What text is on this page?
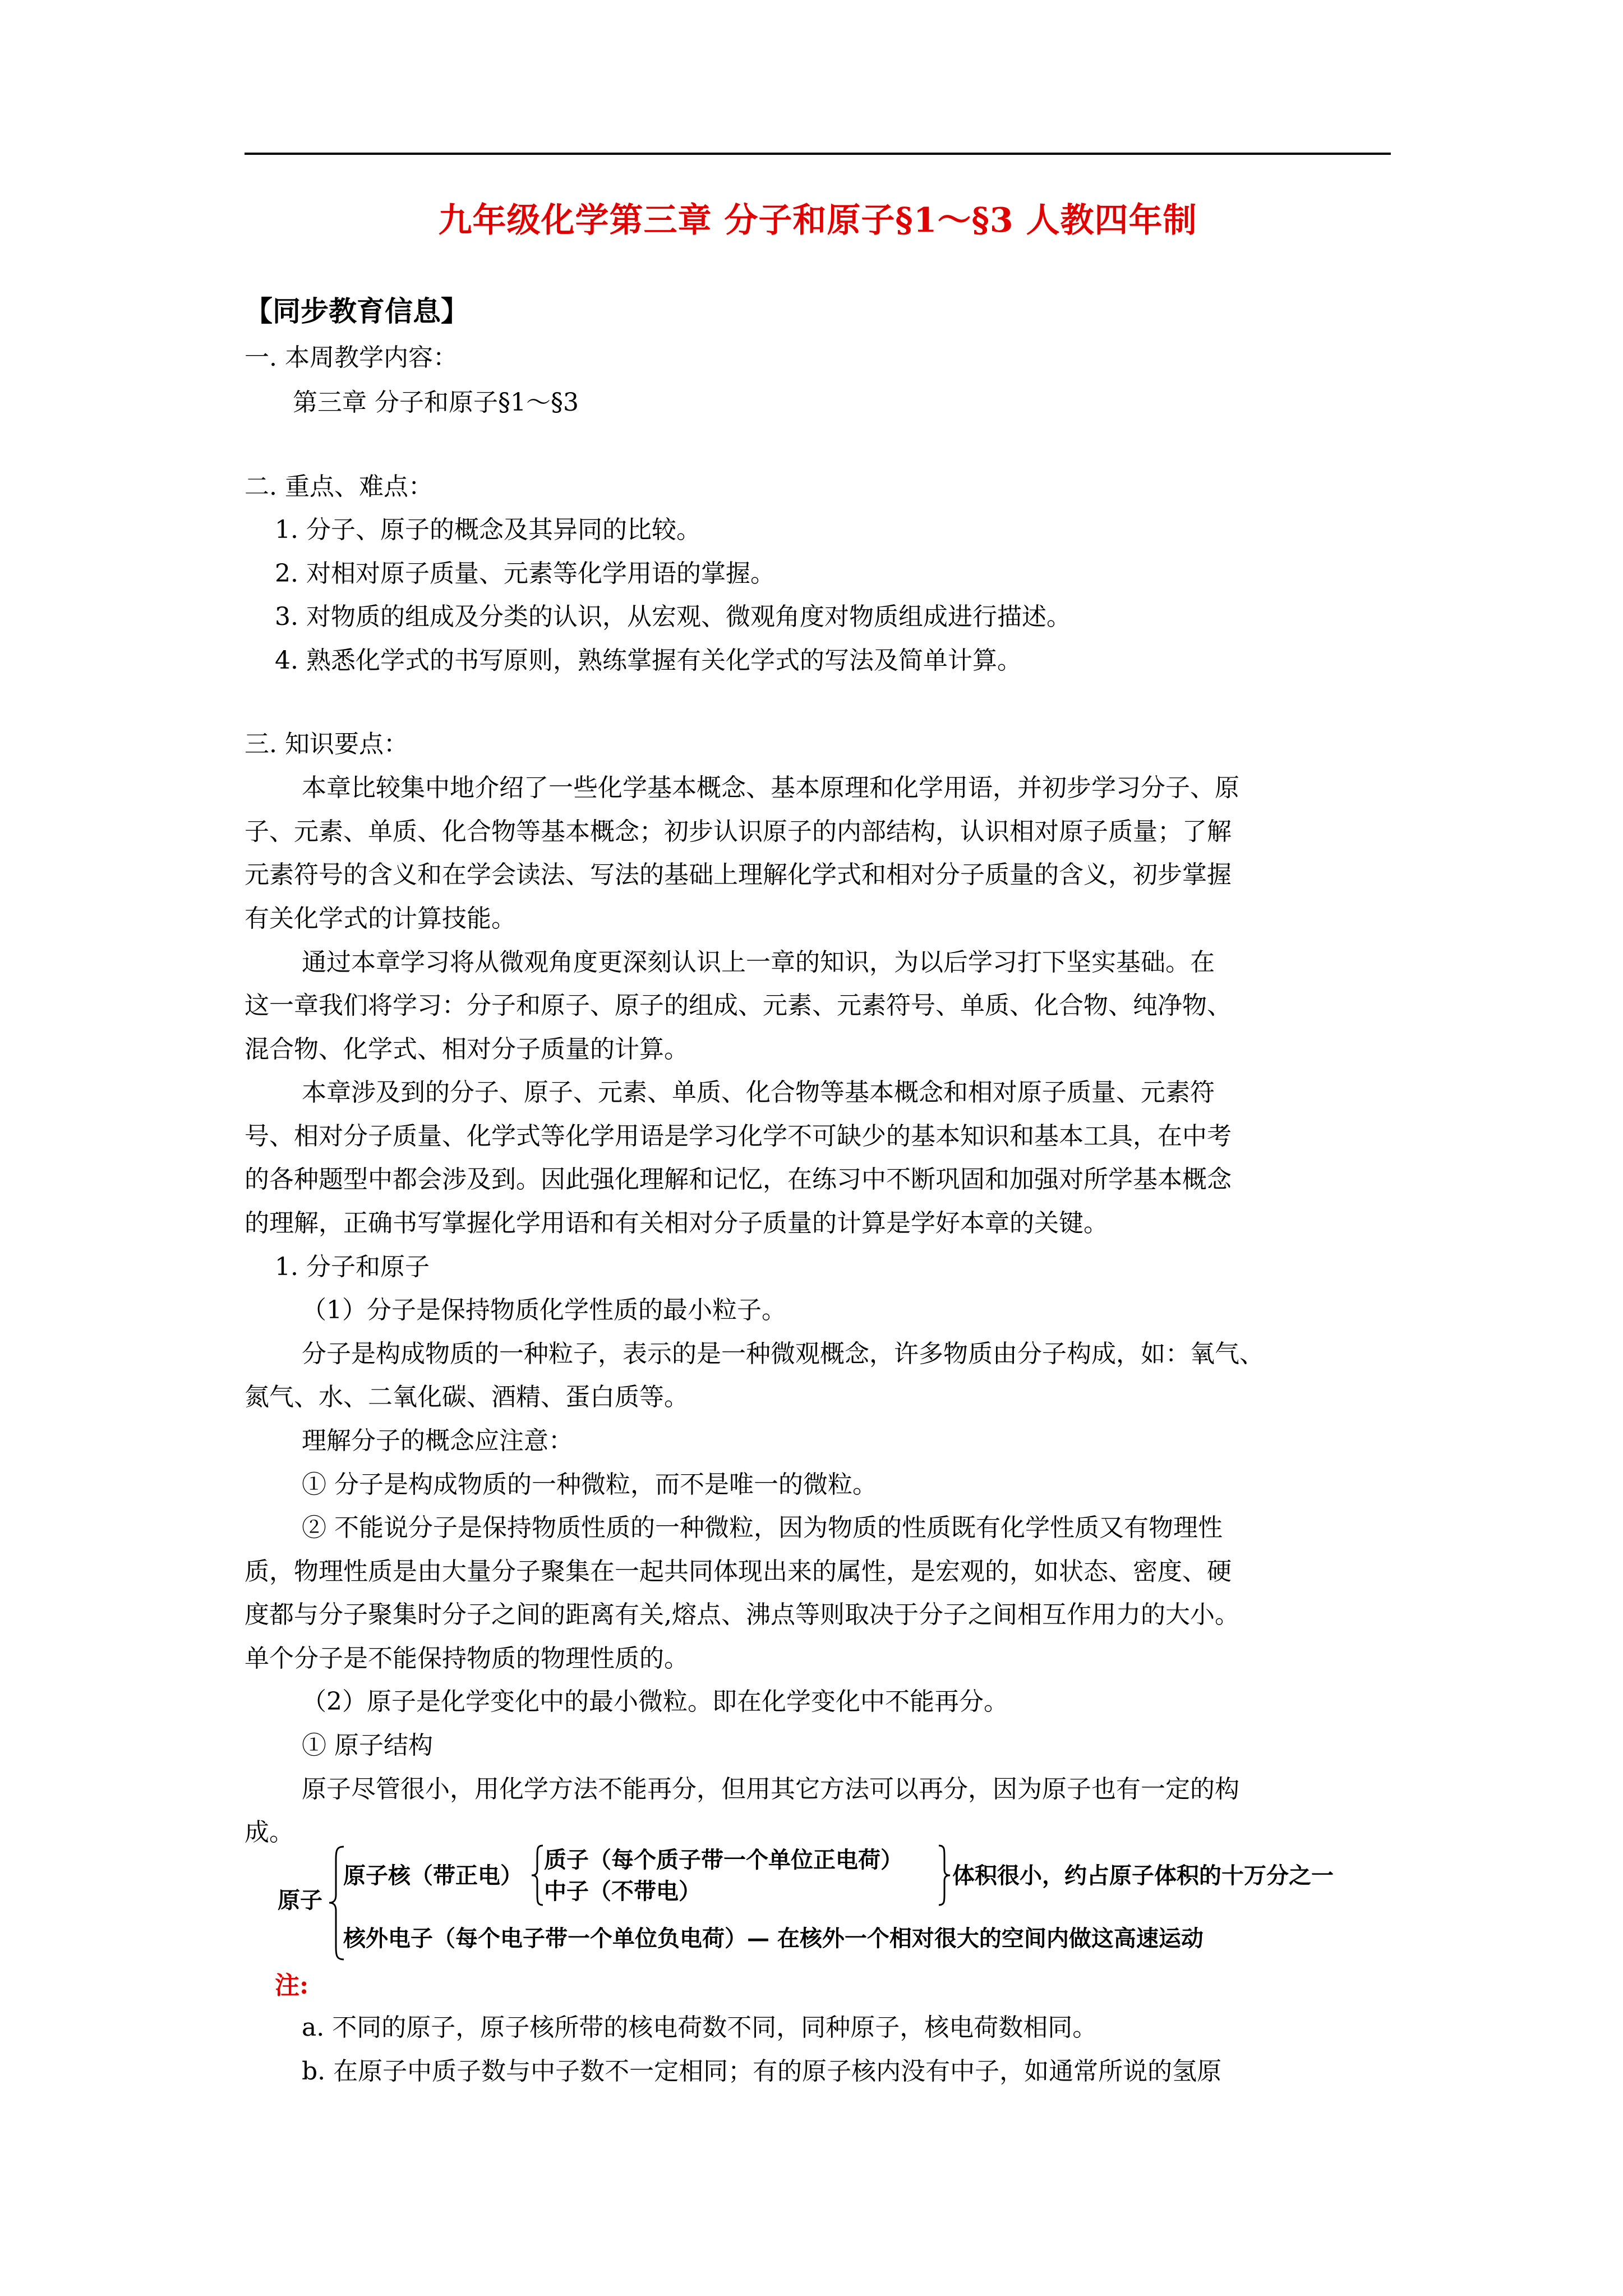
九年级化学第三章 分子和原子§1～§3 人教四年制
【同步教育信息】
一. 本周教学内容：
第三章 分子和原子§1～§3
二. 重点、难点：
1. 分子、原子的概念及其异同的比较。
2. 对相对原子质量、元素等化学用语的掌握。
3. 对物质的组成及分类的认识，从宏观、微观角度对物质组成进行描述。
4. 熟悉化学式的书写原则，熟练掌握有关化学式的写法及简单计算。
三. 知识要点：
本章比较集中地介绍了一些化学基本概念、基本原理和化学用语，并初步学习分子、原
子、元素、单质、化合物等基本概念；初步认识原子的内部结构，认识相对原子质量；了解
元素符号的含义和在学会读法、写法的基础上理解化学式和相对分子质量的含义，初步掌握
有关化学式的计算技能。
通过本章学习将从微观角度更深刻认识上一章的知识，为以后学习打下坚实基础。在
这一章我们将学习：分子和原子、原子的组成、元素、元素符号、单质、化合物、纯净物、
混合物、化学式、相对分子质量的计算。
本章涉及到的分子、原子、元素、单质、化合物等基本概念和相对原子质量、元素符
号、相对分子质量、化学式等化学用语是学习化学不可缺少的基本知识和基本工具，在中考
的各种题型中都会涉及到。因此强化理解和记忆，在练习中不断巩固和加强对所学基本概念
的理解，正确书写掌握化学用语和有关相对分子质量的计算是学好本章的关键。
1. 分子和原子
（1）分子是保持物质化学性质的最小粒子。
分子是构成物质的一种粒子，表示的是一种微观概念，许多物质由分子构成，如：氧气、
氮气、水、二氧化碳、酒精、蛋白质等。
理解分子的概念应注意：
① 分子是构成物质的一种微粒，而不是唯一的微粒。
② 不能说分子是保持物质性质的一种微粒，因为物质的性质既有化学性质又有物理性
质，物理性质是由大量分子聚集在一起共同体现出来的属性，是宏观的，如状态、密度、硬
度都与分子聚集时分子之间的距离有关,熔点、沸点等则取决于分子之间相互作用力的大小。
单个分子是不能保持物质的物理性质的。
（2）原子是化学变化中的最小微粒。即在化学变化中不能再分。
① 原子结构
原子尽管很小，用化学方法不能再分，但用其它方法可以再分，因为原子也有一定的构
成。
原子
原子核（带正电）
质子（每个质子带一个单位正电荷）
中子（不带电）
体积很小，约占原子体积的十万分之一
核外电子（每个电子带一个单位负电荷）— 在核外一个相对很大的空间内做这高速运动
注:
a. 不同的原子，原子核所带的核电荷数不同，同种原子，核电荷数相同。
b. 在原子中质子数与中子数不一定相同；有的原子核内没有中子，如通常所说的氢原
